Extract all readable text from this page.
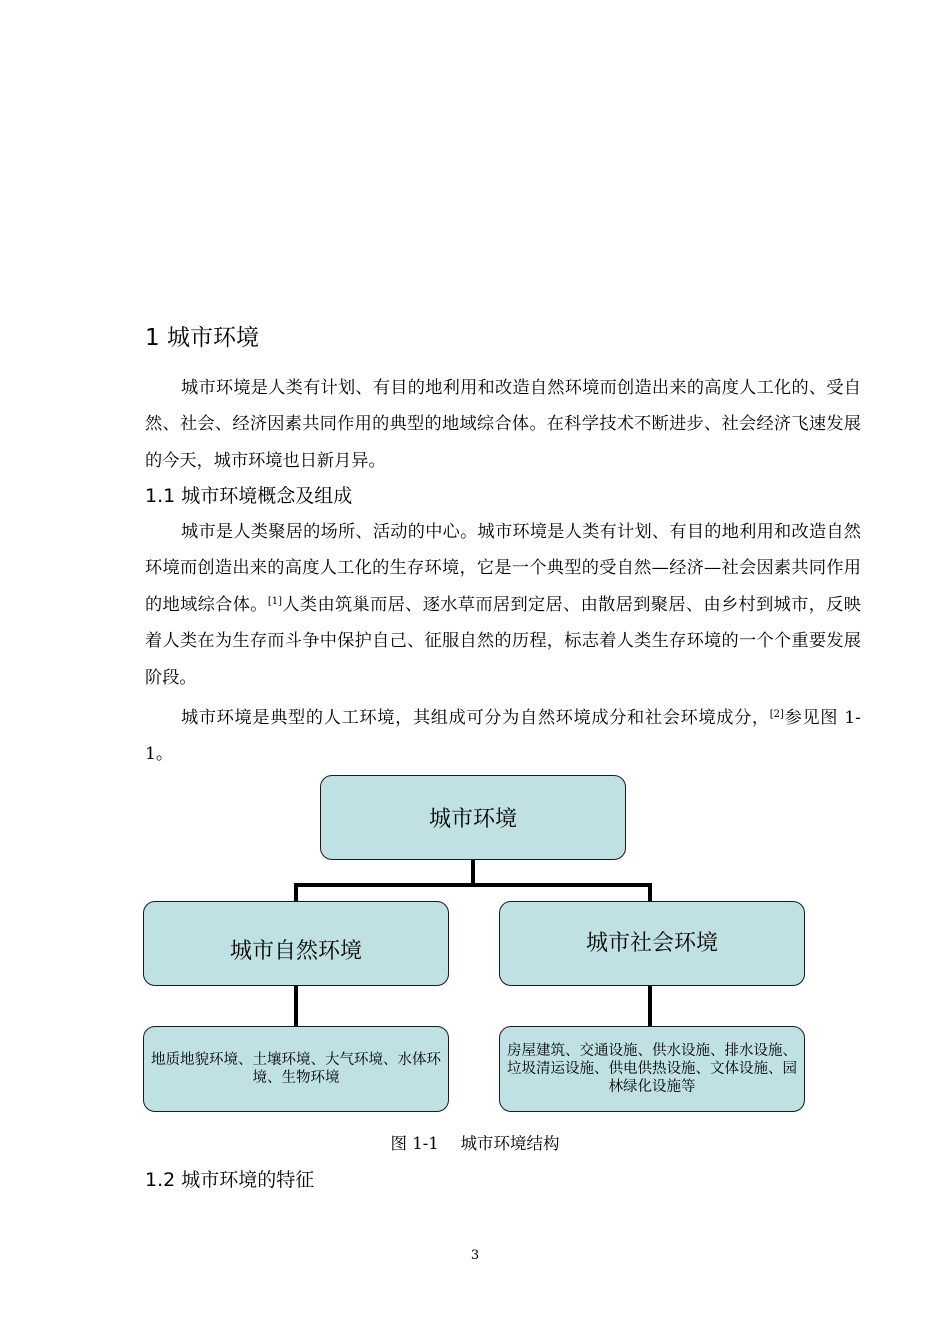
1 城市环境

城市环境是人类有计划、有目的地利用和改造自然环境而创造出来的高度人工化的、受自然、社会、经济因素共同作用的典型的地域综合体。在科学技术不断进步、社会经济飞速发展的今天，城市环境也日新月异。

1.1 城市环境概念及组成

城市是人类聚居的场所、活动的中心。城市环境是人类有计划、有目的地利用和改造自然环境而创造出来的高度人工化的生存环境，它是一个典型的受自然—经济—社会因素共同作用的地域综合体。[1]人类由筑巢而居、逐水草而居到定居、由散居到聚居、由乡村到城市，反映着人类在为生存而斗争中保护自己、征服自然的历程，标志着人类生存环境的一个个重要发展阶段。

城市环境是典型的人工环境，其组成可分为自然环境成分和社会环境成分，[2]参见图 1-1。

城市环境
城市自然环境	城市社会环境
地质地貌环境、土壤环境、大气环境、水体环境、生物环境
房屋建筑、交通设施、供水设施、排水设施、垃圾清运设施、供电供热设施、文体设施、园林绿化设施等
图 1-1　 城市环境结构
1.2 城市环境的特征
3
